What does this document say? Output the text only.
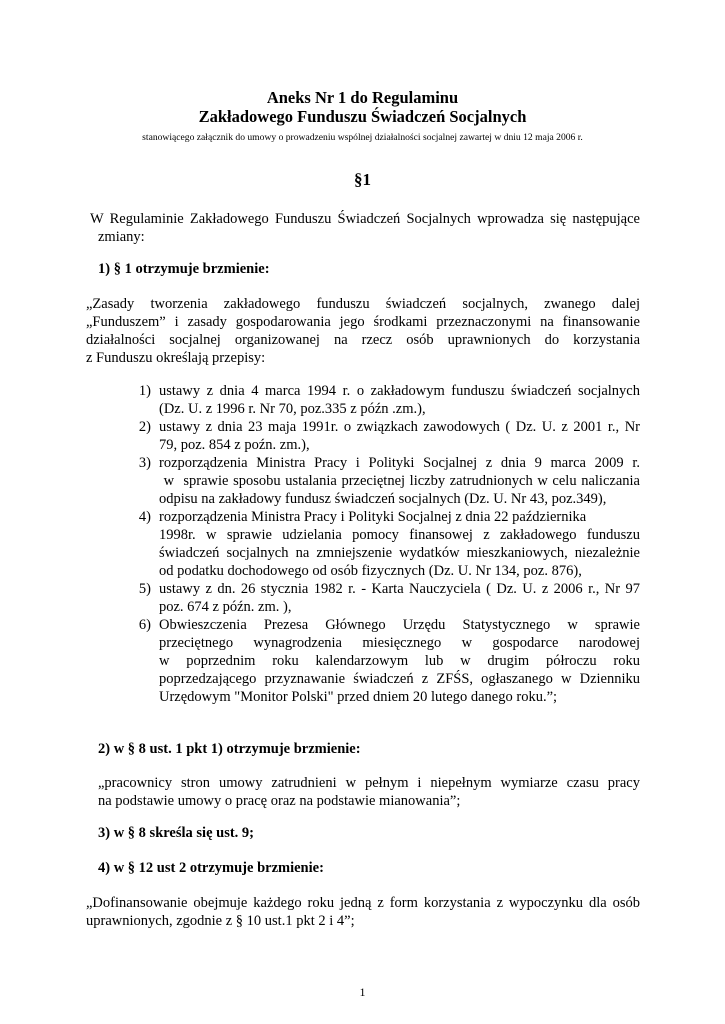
Aneks Nr 1 do Regulaminu
Zakładowego Funduszu Świadczeń Socjalnych
stanowiącego załącznik do umowy o prowadzeniu wspólnej działalności socjalnej zawartej w dniu 12 maja 2006 r.
§1
W Regulaminie Zakładowego Funduszu Świadczeń Socjalnych wprowadza się następujące
zmiany:
1) § 1 otrzymuje brzmienie:
„Zasady tworzenia zakładowego funduszu świadczeń socjalnych, zwanego dalej
„Funduszem” i zasady gospodarowania jego środkami przeznaczonymi na finansowanie
działalności socjalnej organizowanej na rzecz osób uprawnionych do korzystania
z Funduszu określają przepisy:
1) ustawy z dnia 4 marca 1994 r. o zakładowym funduszu świadczeń socjalnych
(Dz. U. z 1996 r. Nr 70, poz.335 z późn .zm.),
2) ustawy z dnia 23 maja 1991r. o związkach zawodowych ( Dz. U. z 2001 r., Nr
79, poz. 854 z poźn. zm.),
3) rozporządzenia Ministra Pracy i Polityki Socjalnej z dnia 9 marca 2009 r.
w  sprawie sposobu ustalania przeciętnej liczby zatrudnionych w celu naliczania
odpisu na zakładowy fundusz świadczeń socjalnych (Dz. U. Nr 43, poz.349),
4) rozporządzenia Ministra Pracy i Polityki Socjalnej z dnia 22 października
1998r. w sprawie udzielania pomocy finansowej z zakładowego funduszu
świadczeń socjalnych na zmniejszenie wydatków mieszkaniowych, niezależnie
od podatku dochodowego od osób fizycznych (Dz. U. Nr 134, poz. 876),
5) ustawy z dn. 26 stycznia 1982 r. - Karta Nauczyciela ( Dz. U. z 2006 r., Nr 97
poz. 674 z późn. zm. ),
6) Obwieszczenia Prezesa Głównego Urzędu Statystycznego w sprawie
przeciętnego wynagrodzenia miesięcznego w gospodarce narodowej
w poprzednim roku kalendarzowym lub w drugim półroczu roku
poprzedzającego przyznawanie świadczeń z ZFŚS, ogłaszanego w Dzienniku
Urzędowym "Monitor Polski" przed dniem 20 lutego danego roku.”;
2) w § 8 ust. 1 pkt 1) otrzymuje brzmienie:
„pracownicy stron umowy zatrudnieni w pełnym i niepełnym wymiarze czasu pracy
na podstawie umowy o pracę oraz na podstawie mianowania”;
3) w § 8 skreśla się ust. 9;
4) w § 12 ust 2 otrzymuje brzmienie:
„Dofinansowanie obejmuje każdego roku jedną z form korzystania z wypoczynku dla osób
uprawnionych, zgodnie z § 10 ust.1 pkt 2 i 4”;
1
